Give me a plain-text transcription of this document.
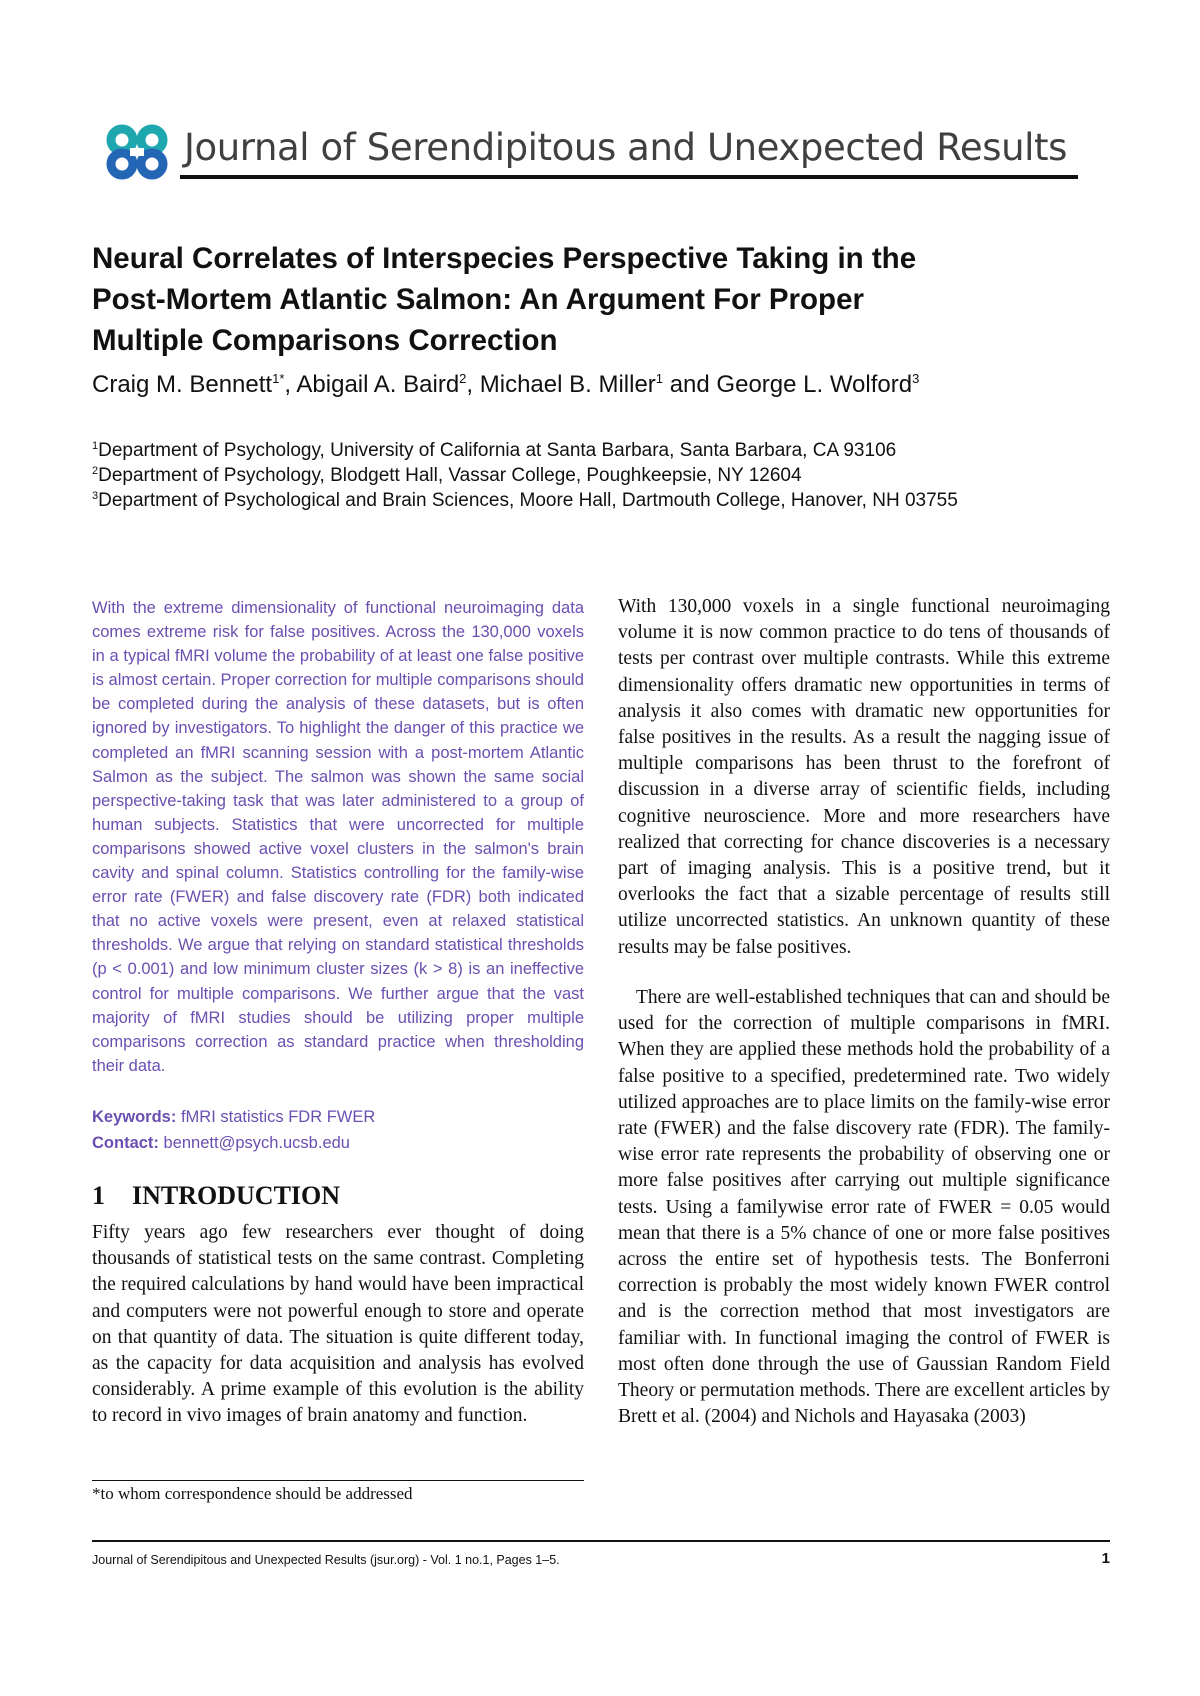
Journal of Serendipitous and Unexpected Results
Neural Correlates of Interspecies Perspective Taking in the Post-Mortem Atlantic Salmon: An Argument For Proper Multiple Comparisons Correction
Craig M. Bennett$^{1*}$, Abigail A. Baird$^2$, Michael B. Miller$^1$ and George L. Wolford$^3$
$^1$Department of Psychology, University of California at Santa Barbara, Santa Barbara, CA 93106
$^2$Department of Psychology, Blodgett Hall, Vassar College, Poughkeepsie, NY 12604
$^3$Department of Psychological and Brain Sciences, Moore Hall, Dartmouth College, Hanover, NH 03755

With the extreme dimensionality of functional neuroimaging data comes extreme risk for false positives. Across the 130,000 voxels in a typical fMRI volume the probability of at least one false positive is almost certain. Proper correction for multiple comparisons should be completed during the analysis of these datasets, but is often ignored by investigators. To highlight the danger of this practice we completed an fMRI scanning session with a post-mortem Atlantic Salmon as the subject. The salmon was shown the same social perspective-taking task that was later administered to a group of human subjects. Statistics that were uncorrected for multiple comparisons showed active voxel clusters in the salmon's brain cavity and spinal column. Statistics controlling for the family-wise error rate (FWER) and false discovery rate (FDR) both indicated that no active voxels were present, even at relaxed statistical thresholds. We argue that relying on standard statistical thresholds (p < 0.001) and low minimum cluster sizes (k > 8) is an ineffective control for multiple comparisons. We further argue that the vast majority of fMRI studies should be utilizing proper multiple comparisons correction as standard practice when thresholding their data.

Keywords: fMRI statistics FDR FWER
Contact: bennett@psych.ucsb.edu
1 INTRODUCTION

Fifty years ago few researchers ever thought of doing thousands of statistical tests on the same contrast. Completing the required calculations by hand would have been impractical and computers were not powerful enough to store and operate on that quantity of data. The situation is quite different today, as the capacity for data acquisition and analysis has evolved considerably. A prime example of this evolution is the ability to record in vivo images of brain anatomy and function.

*to whom correspondence should be addressed

With 130,000 voxels in a single functional neuroimaging volume it is now common practice to do tens of thousands of tests per contrast over multiple contrasts. While this extreme dimensionality offers dramatic new opportunities in terms of analysis it also comes with dramatic new opportunities for false positives in the results. As a result the nagging issue of multiple comparisons has been thrust to the forefront of discussion in a diverse array of scientific fields, including cognitive neuroscience. More and more researchers have realized that correcting for chance discoveries is a necessary part of imaging analysis. This is a positive trend, but it overlooks the fact that a sizable percentage of results still utilize uncorrected statistics. An unknown quantity of these results may be false positives.

There are well-established techniques that can and should be used for the correction of multiple comparisons in fMRI. When they are applied these methods hold the probability of a false positive to a specified, predetermined rate. Two widely utilized approaches are to place limits on the family-wise error rate (FWER) and the false discovery rate (FDR). The family-wise error rate represents the probability of observing one or more false positives after carrying out multiple significance tests. Using a familywise error rate of FWER = 0.05 would mean that there is a 5% chance of one or more false positives across the entire set of hypothesis tests. The Bonferroni correction is probably the most widely known FWER control and is the correction method that most investigators are familiar with. In functional imaging the control of FWER is most often done through the use of Gaussian Random Field Theory or permutation methods. There are excellent articles by Brett et al. (2004) and Nichols and Hayasaka (2003)

Journal of Serendipitous and Unexpected Results (jsur.org) - Vol. 1 no.1, Pages 1–5.	1
